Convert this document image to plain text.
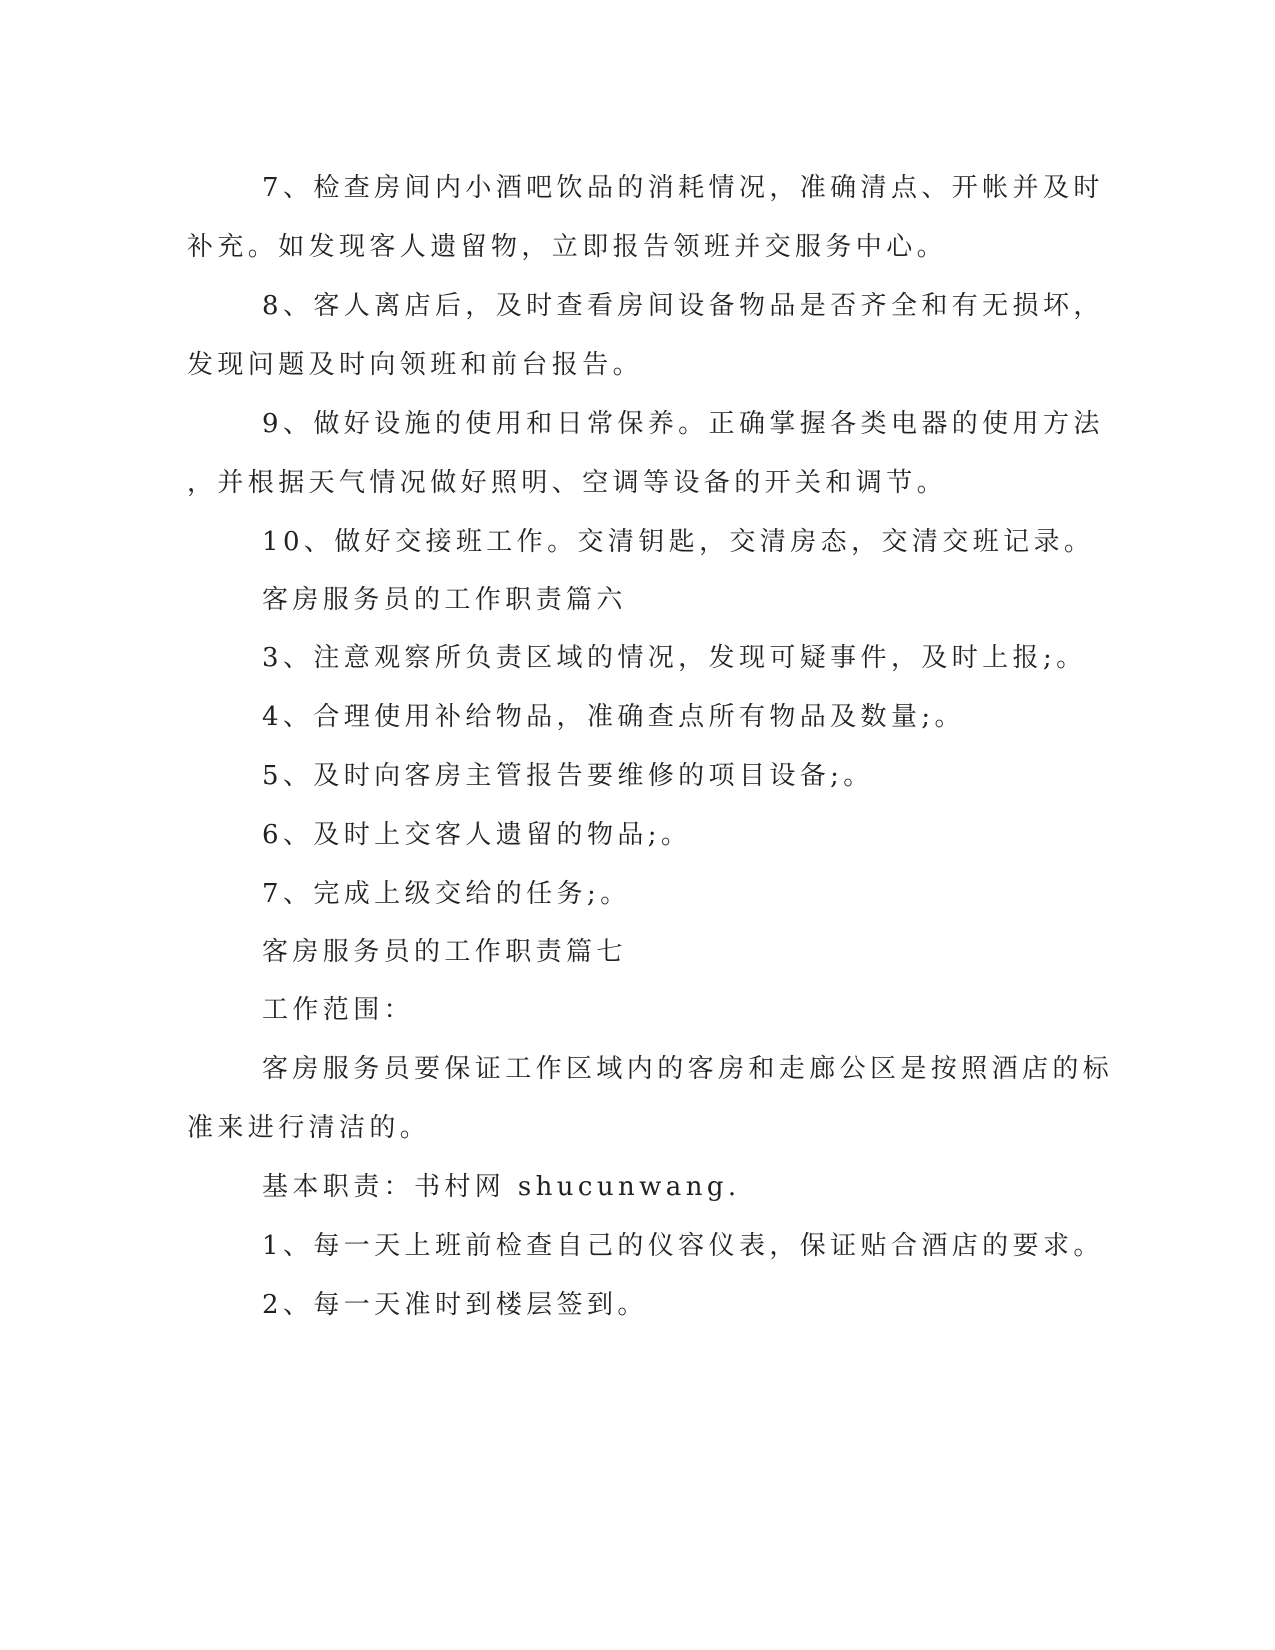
7、检查房间内小酒吧饮品的消耗情况，准确清点、开帐并及时
补充。如发现客人遗留物，立即报告领班并交服务中心。
8、客人离店后，及时查看房间设备物品是否齐全和有无损坏，
发现问题及时向领班和前台报告。
9、做好设施的使用和日常保养。正确掌握各类电器的使用方法
，并根据天气情况做好照明、空调等设备的开关和调节。
10、做好交接班工作。交清钥匙，交清房态，交清交班记录。
客房服务员的工作职责篇六
3、注意观察所负责区域的情况，发现可疑事件，及时上报;。
4、合理使用补给物品，准确查点所有物品及数量;。
5、及时向客房主管报告要维修的项目设备;。
6、及时上交客人遗留的物品;。
7、完成上级交给的任务;。
客房服务员的工作职责篇七
工作范围：
客房服务员要保证工作区域内的客房和走廊公区是按照酒店的标
准来进行清洁的。
基本职责：书村网 shucunwang.
1、每一天上班前检查自己的仪容仪表，保证贴合酒店的要求。
2、每一天准时到楼层签到。
